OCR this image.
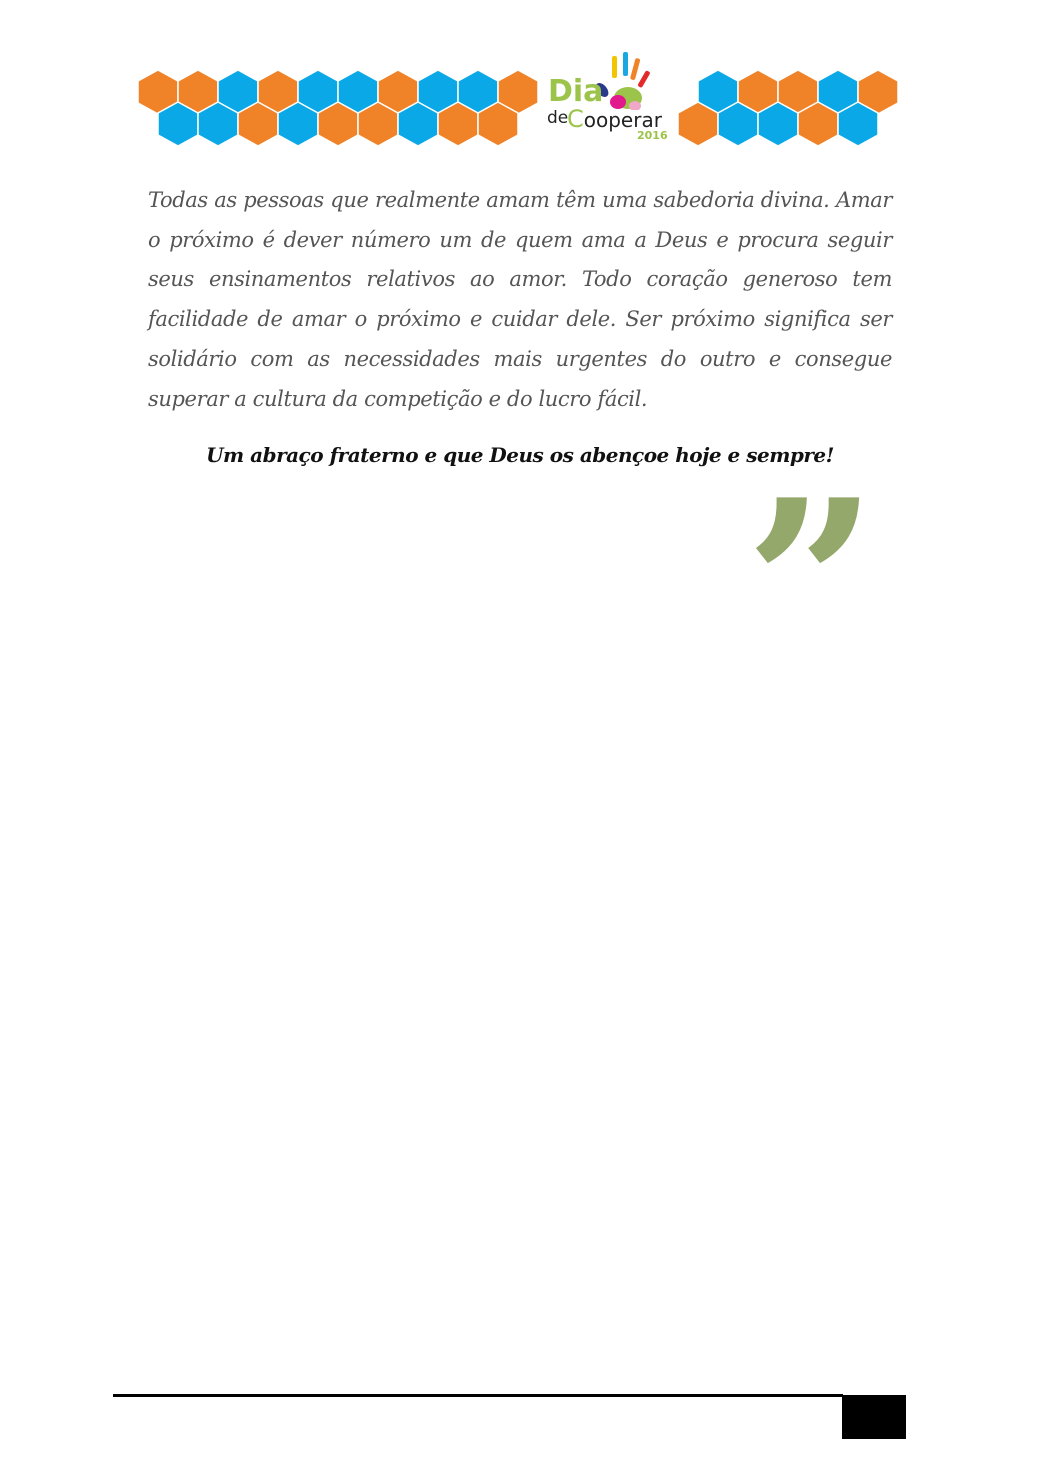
Dia
de
Cooperar
2016

Todas as pessoas que realmente amam têm uma sabedoria divina. Amar o próximo é dever número um de quem ama a Deus e procura seguir seus ensinamentos relativos ao amor. Todo coração generoso tem facilidade de amar o próximo e cuidar dele. Ser próximo significa ser solidário com as necessidades mais urgentes do outro e consegue superar a cultura da competição e do lucro fácil.

Um abraço fraterno e que Deus os abençoe hoje e sempre!
”
